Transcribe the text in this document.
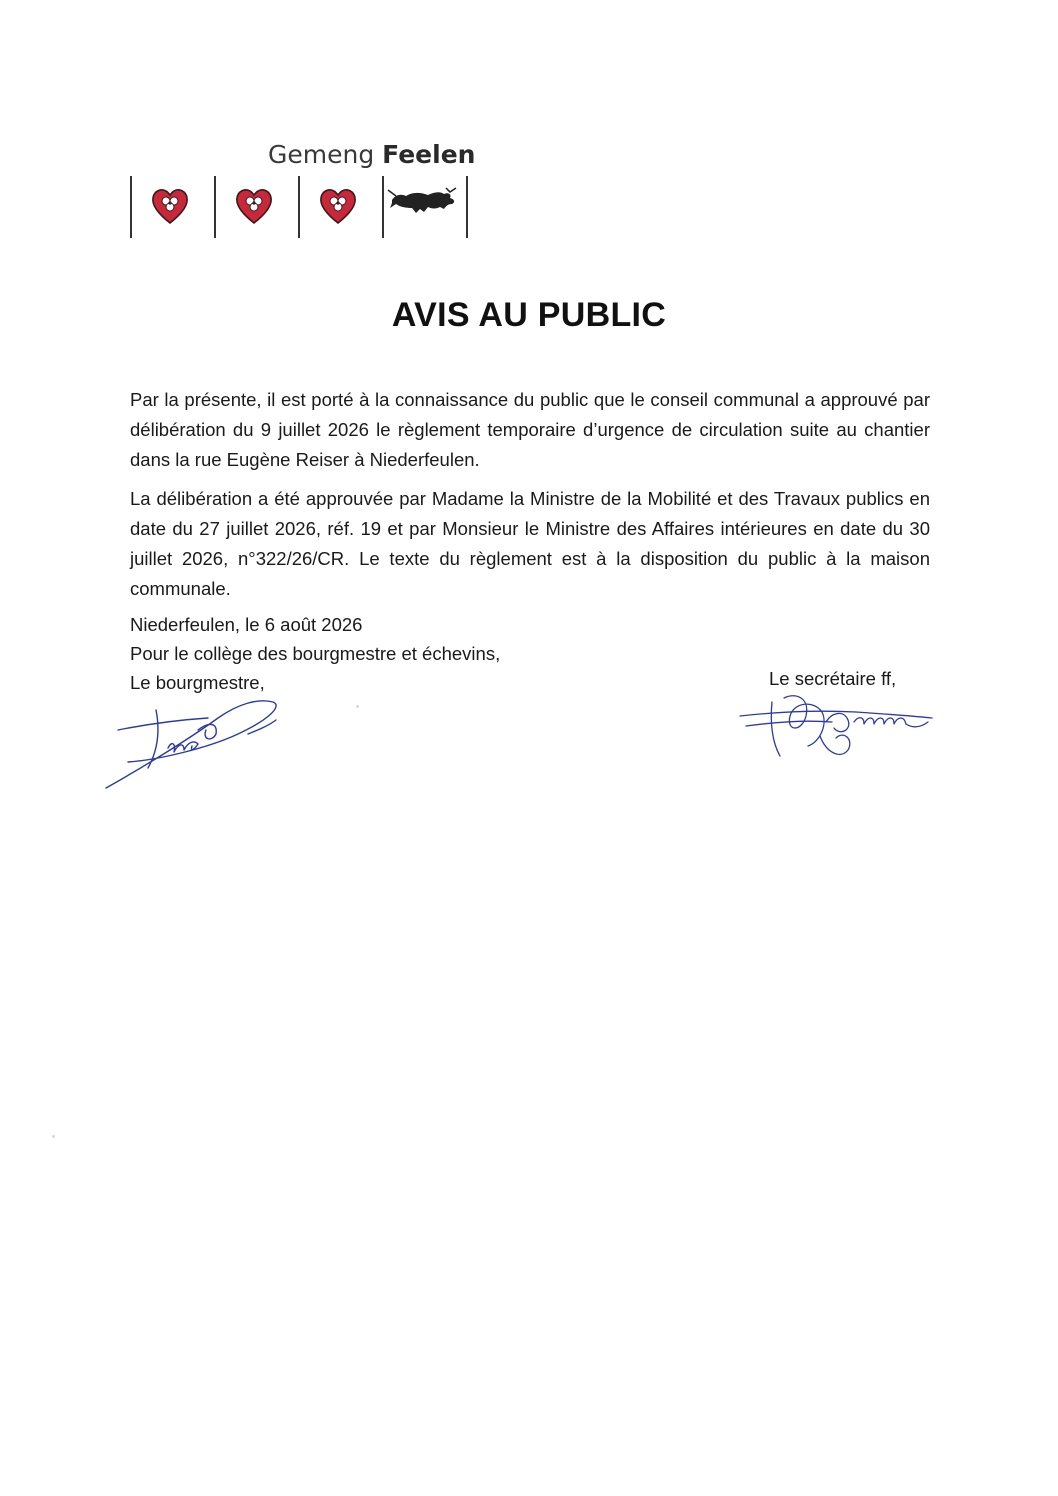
Gemeng Feelen
AVIS AU PUBLIC
Par la présente, il est porté à la connaissance du public que le conseil communal a approuvé par délibération du 9 juillet 2026 le règlement temporaire d’urgence de circulation suite au chantier dans la rue Eugène Reiser à Niederfeulen.
La délibération a été approuvée par Madame la Ministre de la Mobilité et des Travaux publics en date du 27 juillet 2026, réf. 19 et par Monsieur le Ministre des Affaires intérieures en date du 30 juillet 2026, n°322/26/CR. Le texte du règlement est à la disposition du public à la maison communale.
Niederfeulen, le 6 août 2026
Pour le collège des bourgmestre et échevins,
Le bourgmestre,	Le secrétaire ff,
